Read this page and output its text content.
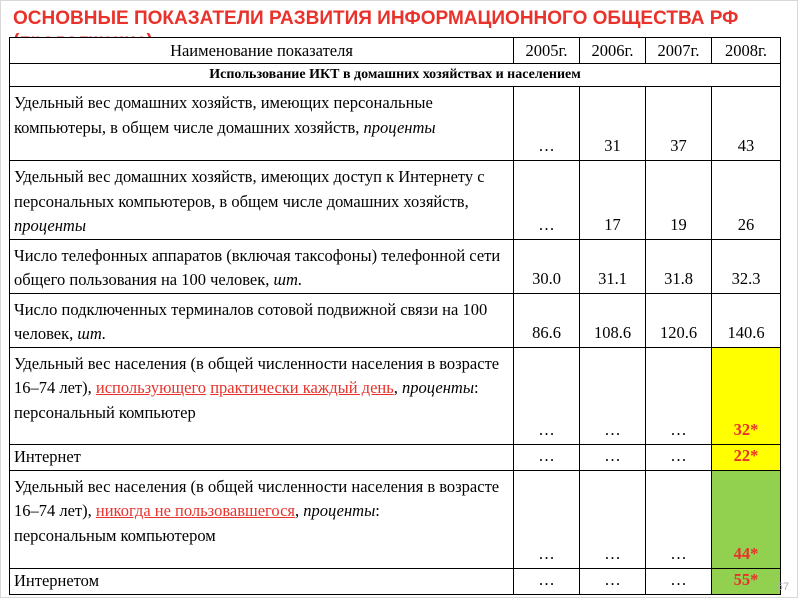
ОСНОВНЫЕ ПОКАЗАТЕЛИ РАЗВИТИЯ ИНФОРМАЦИОННОГО ОБЩЕСТВА РФ
Наименование показателя	2005г.	2006г.	2007г.	2008г.
Использование ИКТ в домашних хозяйствах и населением				
Удельный вес домашних хозяйств, имеющих персональные компьютеры, в общем числе домашних хозяйств, проценты	…	31	37	43
Удельный вес домашних хозяйств, имеющих доступ к Интернету с персональных компьютеров, в общем числе домашних хозяйств, проценты	…	17	19	26
Число телефонных аппаратов (включая таксофоны) телефонной сети общего пользования на 100 человек, шт.	30.0	31.1	31.8	32.3
Число подключенных терминалов сотовой подвижной связи на 100 человек, шт.	86.6	108.6	120.6	140.6
Удельный вес населения (в общей численности населения в возрасте 16–74 лет), использующего практически каждый день, проценты:
персональный компьютер	…	…	…	32*
Интернет	…	…	…	22*
Удельный вес населения (в общей численности населения в возрасте 16–74 лет), никогда не пользовавшегося, проценты:
персональным компьютером	…	…	…	44*
Интернетом	…	…	…	55* 67
